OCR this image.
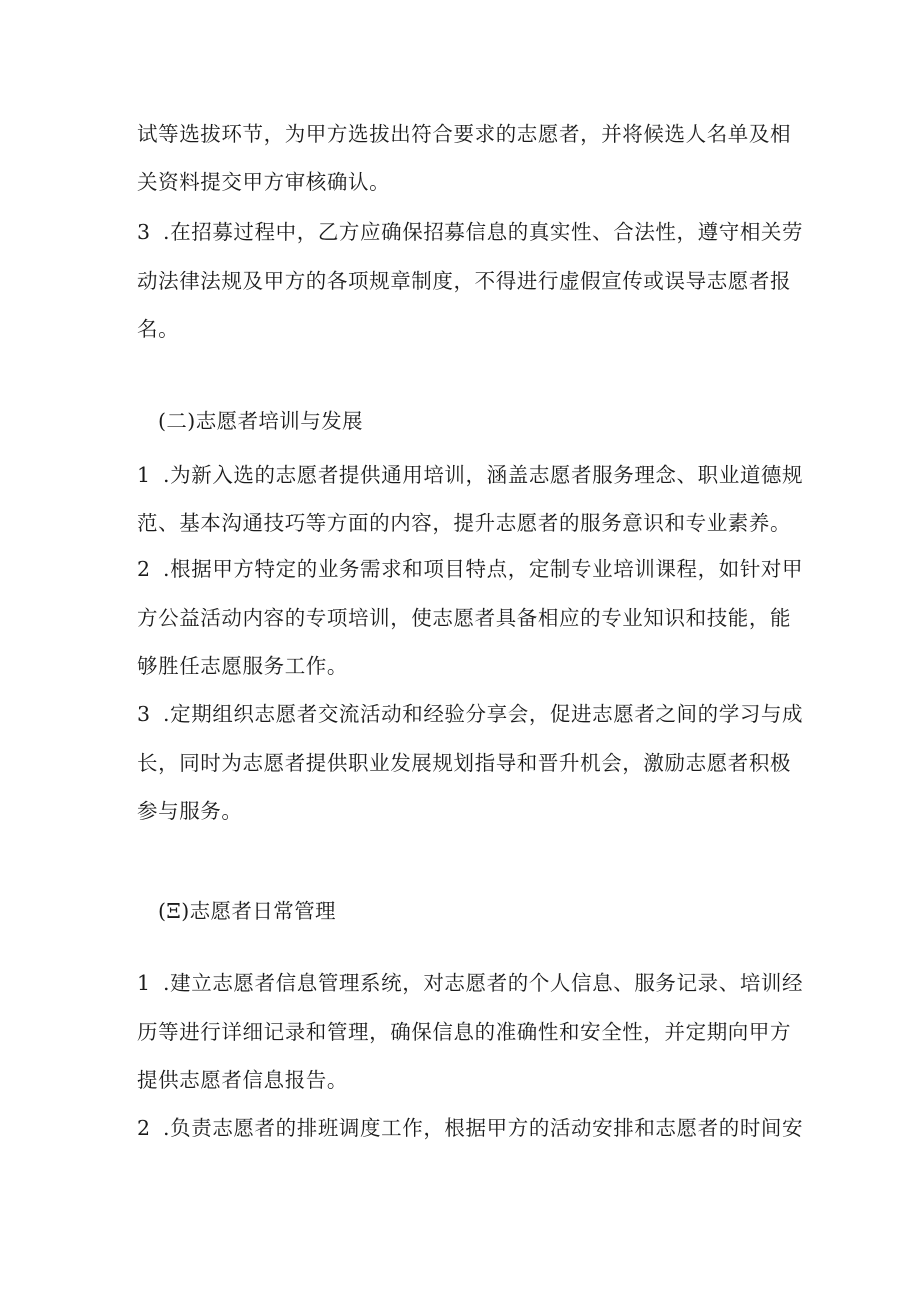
试等选拔环节，为甲方选拔出符合要求的志愿者，并将候选人名单及相
关资料提交甲方审核确认。
3 .在招募过程中，乙方应确保招募信息的真实性、合法性，遵守相关劳
动法律法规及甲方的各项规章制度，不得进行虚假宣传或误导志愿者报
名。
(二)志愿者培训与发展
1 .为新入选的志愿者提供通用培训，涵盖志愿者服务理念、职业道德规
范、基本沟通技巧等方面的内容，提升志愿者的服务意识和专业素养。
2 .根据甲方特定的业务需求和项目特点，定制专业培训课程，如针对甲
方公益活动内容的专项培训，使志愿者具备相应的专业知识和技能，能
够胜任志愿服务工作。
3 .定期组织志愿者交流活动和经验分享会，促进志愿者之间的学习与成
长，同时为志愿者提供职业发展规划指导和晋升机会，激励志愿者积极
参与服务。
(Ξ)志愿者日常管理
1 .建立志愿者信息管理系统，对志愿者的个人信息、服务记录、培训经
历等进行详细记录和管理，确保信息的准确性和安全性，并定期向甲方
提供志愿者信息报告。
2 .负责志愿者的排班调度工作，根据甲方的活动安排和志愿者的时间安
